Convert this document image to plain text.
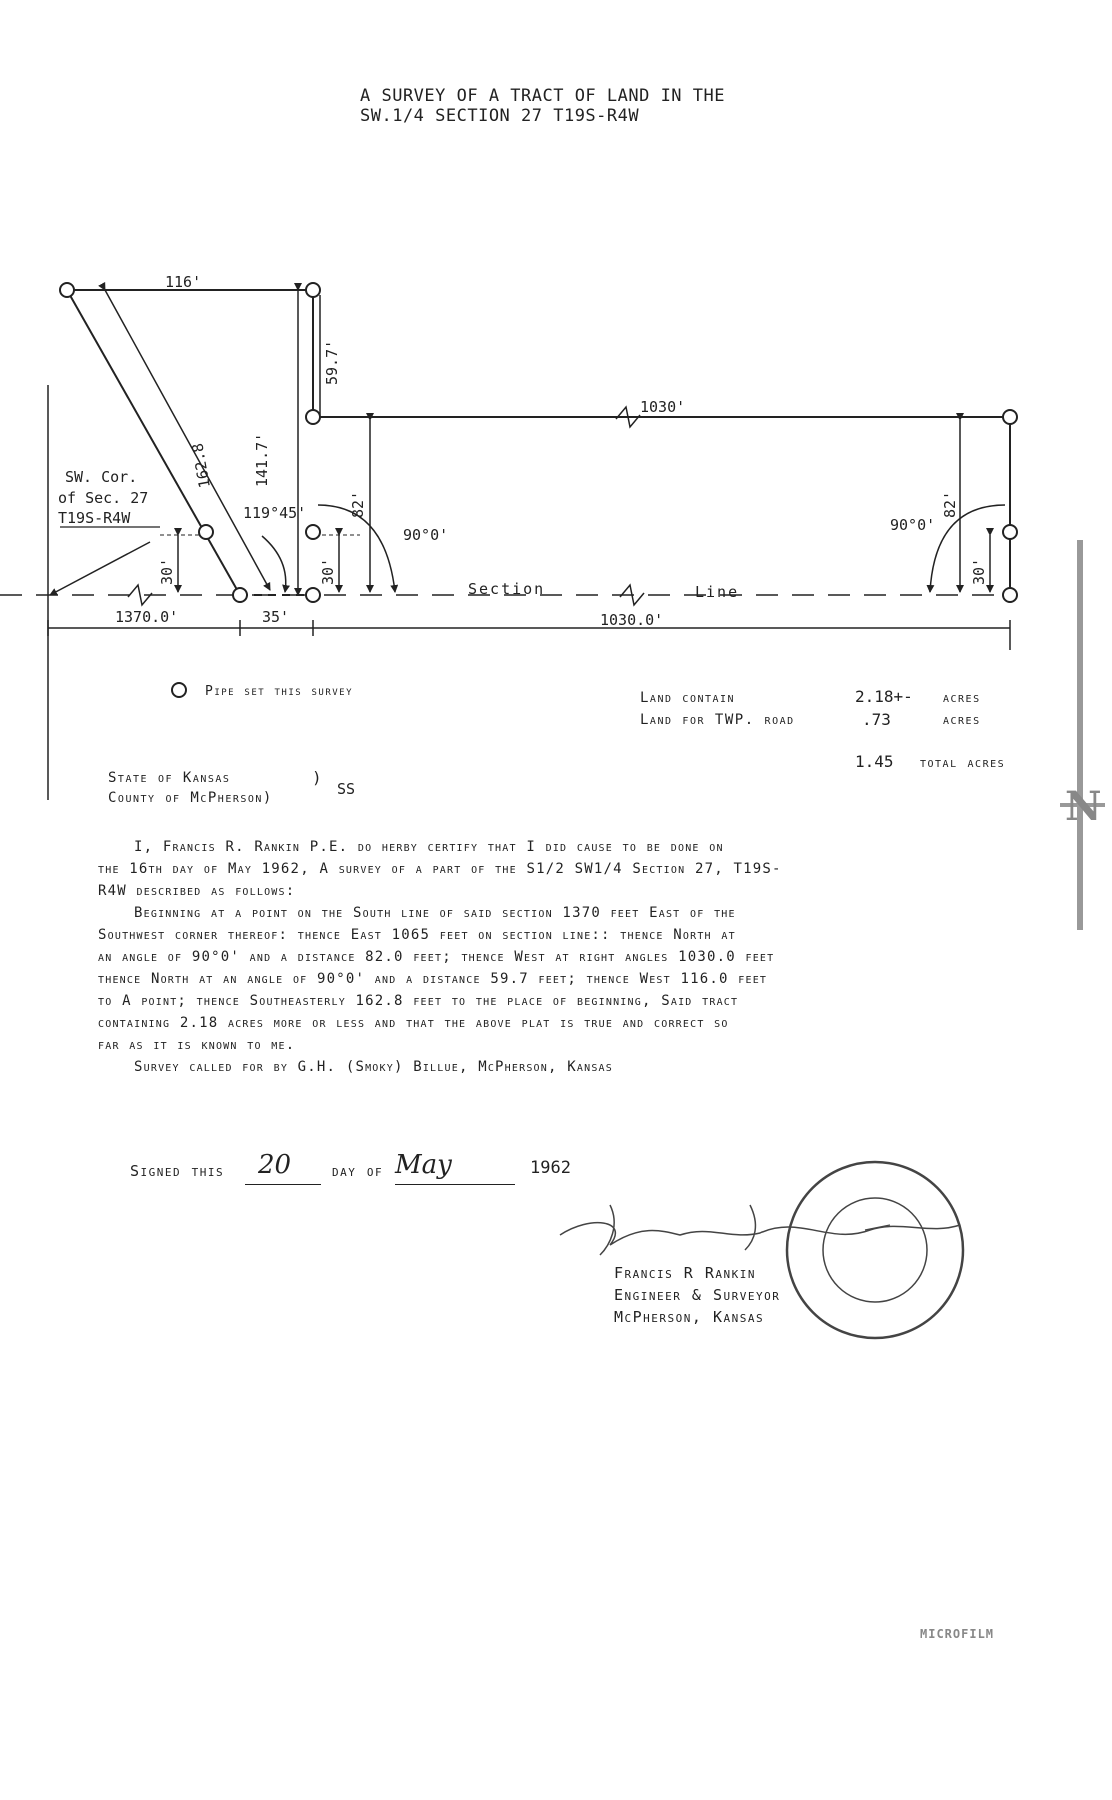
A SURVEY OF A TRACT OF LAND IN THE
SW.1/4 SECTION 27 T19S-R4W
116'
59.7'
1030'
162.8	141.7'
82'	82'
30'	30'	30'
119°45'
90°0'
90°0'
SW. Cor.
of Sec. 27
T19S-R4W
Section	Line
1370.0'	35'	1030.0'
Pipe set this survey	Land contain	2.18+- acres
Land for TWP. road	.73	acres
1.45 total acres
State of Kansas	)
County of McPherson)	SS

I, Francis R. Rankin P.E. do herby certify that I did cause to be done on

the 16th day of May 1962, A survey of a part of the S1/2 SW1/4 Section 27, T19S-

R4W described as follows:

Beginning at a point on the South line of said section 1370 feet East of the

Southwest corner thereof: thence East 1065 feet on section line:: thence North at

an angle of 90°0' and a distance 82.0 feet; thence West at right angles 1030.0 feet

thence North at an angle of 90°0' and a distance 59.7 feet; thence West 116.0 feet

to A point; thence Southeasterly 162.8 feet to the place of beginning, Said tract

containing 2.18 acres more or less and that the above plat is true and correct so

far as it is known to me.

Survey called for by G.H. (Smoky) Billue, McPherson, Kansas

Signed this 20	day of May	1962
Francis R Rankin
Engineer & Surveyor
McPherson, Kansas
N
MICROFILM
